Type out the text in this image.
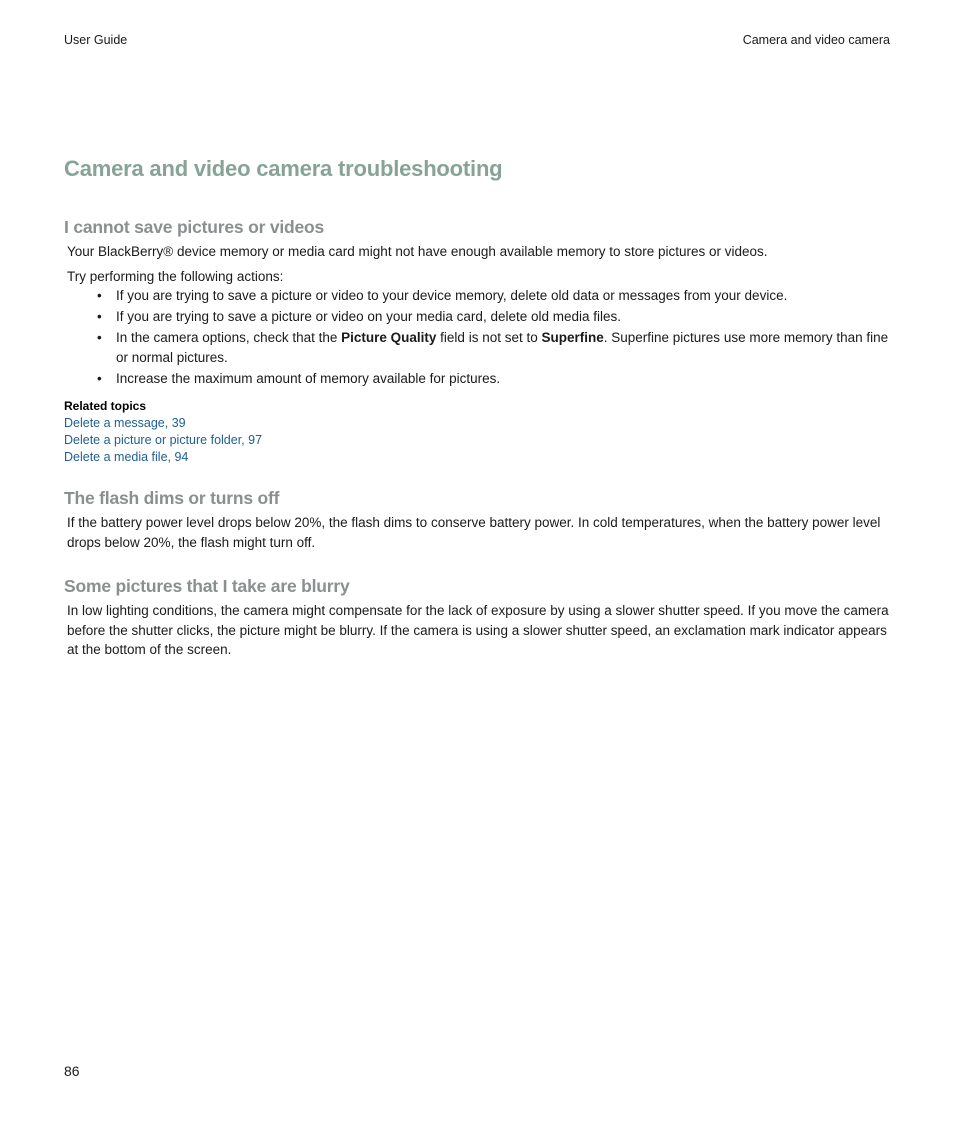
User Guide	Camera and video camera
Camera and video camera troubleshooting
I cannot save pictures or videos

Your BlackBerry® device memory or media card might not have enough available memory to store pictures or videos.

Try performing the following actions:

• If you are trying to save a picture or video to your device memory, delete old data or messages from your device.
• If you are trying to save a picture or video on your media card, delete old media files.
• In the camera options, check that the Picture Quality field is not set to Superfine. Superfine pictures use more memory than fine or normal pictures.
• Increase the maximum amount of memory available for pictures.
Related topics
Delete a message, 39
Delete a picture or picture folder, 97
Delete a media file, 94
The flash dims or turns off

If the battery power level drops below 20%, the flash dims to conserve battery power. In cold temperatures, when the battery power level drops below 20%, the flash might turn off.

Some pictures that I take are blurry

In low lighting conditions, the camera might compensate for the lack of exposure by using a slower shutter speed. If you move the camera before the shutter clicks, the picture might be blurry. If the camera is using a slower shutter speed, an exclamation mark indicator appears at the bottom of the screen.

86
